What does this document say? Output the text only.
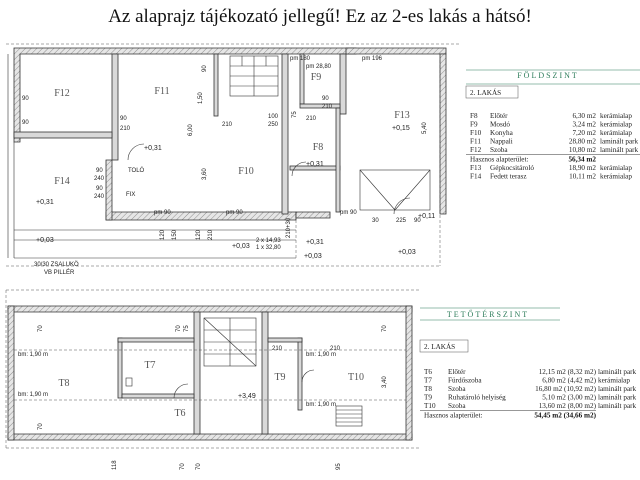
Az alaprajz tájékozató jellegű! Ez az 2-es lakás a hátsó!
F12	F11
F9
F13
F8
F10
F14
+0,31
+0,31
+0,15
+0,31
+0,11
+0,03
+0,03
+0,03
+0,03
+0,31
90
90
210
1,50
6,00
3,60
90
210
100
250
75
210
90
210
5,40
90
240
90
240
pm 90	pm 90
120 150	120 210	210+30
pm 180
pm 28,80
pm 196
30	225 90
pm 90
90
TOLÓ
FIX
2 x 14,93 1 x 32,80
30/30 ZSALUKÖ
VB PILLÉR
FÖLDSZINT
2. LAKÁS
F8 Előtér	6,30 m2 kerámialap
F9 Mosdó	3,24 m2 kerámialap
F10 Konyha	7,20 m2 kerámialap
F11 Nappali	28,80 m2 laminált park
F12 Szoba	10,80 m2 laminált park
Hasznos alapterület:	56,34 m2
F13 Gépkocsitároló	18,90 m2 kerámialap
F14 Fedett terasz	10,11 m2 kerámialap
T8
T7
T6
T9	T10
+3,49
bm: 1,90 m
bm: 1,90 m
bm: 1,90 m
bm: 1,90 m
70
70	70	70
3,40
118	70 70
210	210
95
75
TETŐTÉRSZINT
2. LAKÁS
T6 Előtér	12,15 m2 (8,32 m2) laminált park
T7 Fürdőszoba	6,80 m2 (4,42 m2) kerámialap
T8 Szoba	16,80 m2 (10,92 m2) laminált park
T9 Ruhatároló helyiség	5,10 m2 (3,00 m2) laminált park
T10 Szoba	13,60 m2 (8,00 m2) laminált park
Hasznos alapterület:	54,45 m2 (34,66 m2)
